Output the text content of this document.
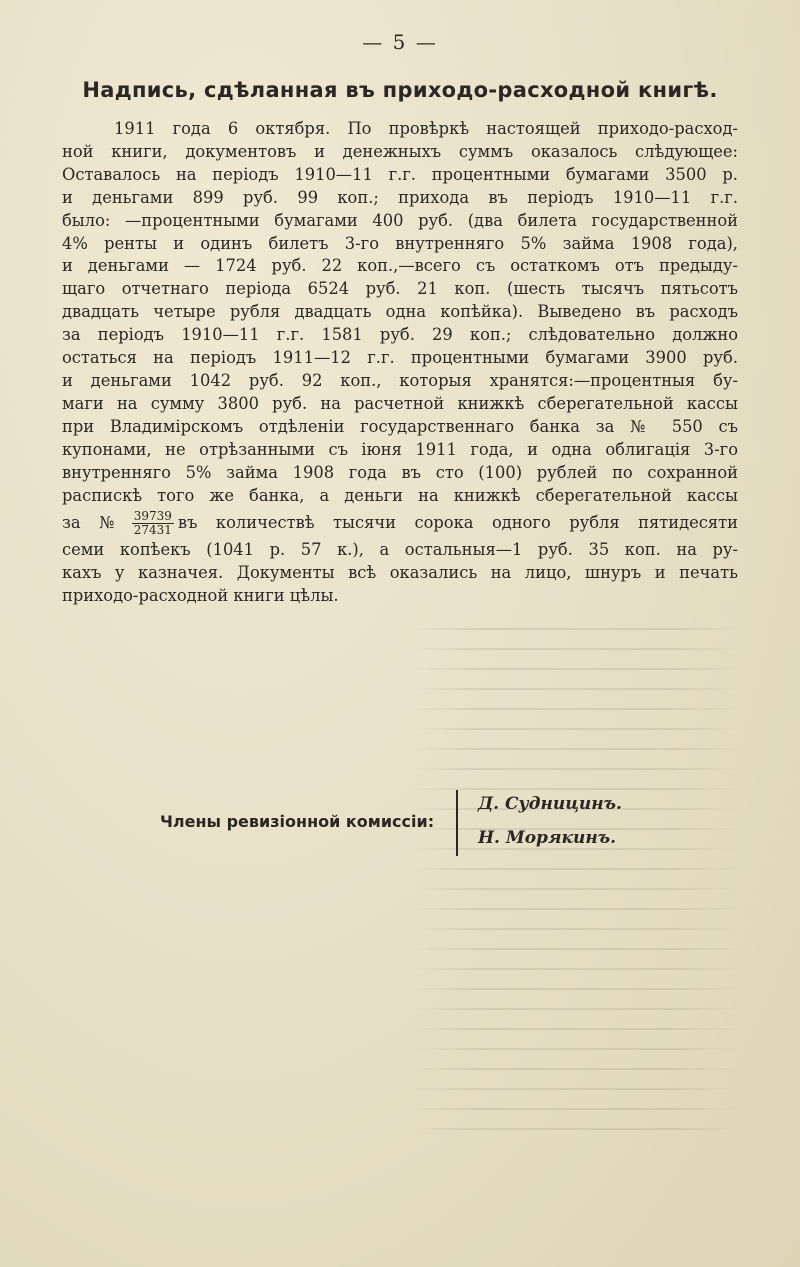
— 5 —
Надпись, сдѣланная въ приходо-расходной книгѣ.
1911 года 6 октября. По провѣркѣ настоящей приходо-расход-
ной книги, документовъ и денежныхъ суммъ оказалось слѣдующее:
Оставалось на періодъ 1910—11 г.г. процентными бумагами 3500 р.
и деньгами 899 руб. 99 коп.; прихода въ періодъ 1910—11 г.г.
было: —процентными бумагами 400 руб. (два билета государственной
4% ренты и одинъ билетъ 3-го внутренняго 5% займа 1908 года),
и деньгами — 1724 руб. 22 коп.,—всего съ остаткомъ отъ предыду-
щаго отчетнаго періода 6524 руб. 21 коп. (шесть тысячъ пятьсотъ
двадцать четыре рубля двадцать одна копѣйка). Выведено въ расходъ
за періодъ 1910—11 г.г. 1581 руб. 29 коп.; слѣдовательно должно
остаться на періодъ 1911—12 г.г. процентными бумагами 3900 руб.
и деньгами 1042 руб. 92 коп., которыя хранятся:—процентныя бу-
маги на сумму 3800 руб. на расчетной книжкѣ сберегательной кассы
при Владимірскомъ отдѣленіи государственнаго банка за № 550 съ
купонами, не отрѣзанными съ іюня 1911 года, и одна облигація 3-го
внутренняго 5% займа 1908 года въ сто (100) рублей по сохранной
распискѣ того же банка, а деньги на книжкѣ сберегательной кассы
за № $\frac{39739}{27431}$ въ количествѣ тысячи сорока одного рубля пятидесяти
семи копѣекъ (1041 р. 57 к.), а остальныя—1 руб. 35 коп. на ру-
кахъ у казначея. Документы всѣ оказались на лицо, шнуръ и печать
приходо-расходной книги цѣлы.
Члены ревизіонной комиссіи:
Д. Судницинъ.
Н. Морякинъ.
